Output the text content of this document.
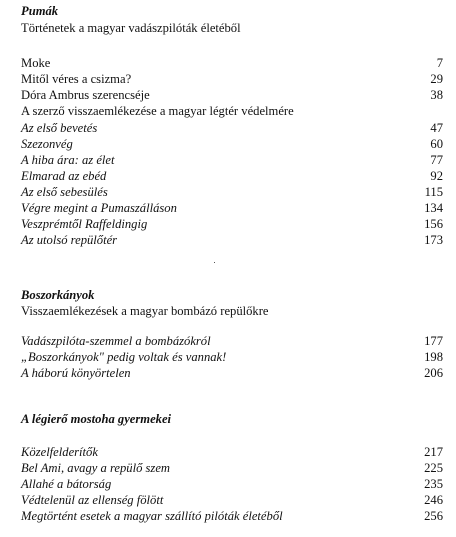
Pumák
Történetek a magyar vadászpilóták életéből
Moke	7
Mitől véres a csizma?	29
Dóra Ambrus szerencséje	38
A szerző visszaemlékezése a magyar légtér védelmére
Az első bevetés	47
Szezonvég	60
A hiba ára: az élet	77
Elmarad az ebéd	92
Az első sebesülés	115
Végre megint a Pumaszálláson	134
Veszprémtől Raffeldingig	156
Az utolsó repülőtér	173
Boszorkányok
Visszaemlékezések a magyar bombázó repülőkre
Vadászpilóta-szemmel a bombázókról	177
„Boszorkányok" pedig voltak és vannak!	198
A háború könyörtelen	206
A légierő mostoha gyermekei
Közelfelderítők	217
Bel Ami, avagy a repülő szem	225
Allahé a bátorság	235
Védtelenül az ellenség fölött	246
Megtörtént esetek a magyar szállító pilóták életéből	256
